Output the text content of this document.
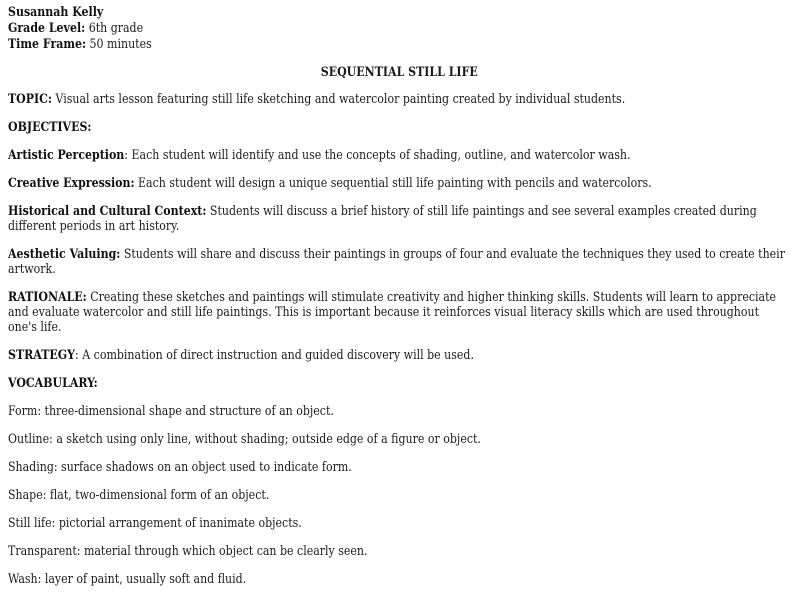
Susannah Kelly
Grade Level: 6th grade
Time Frame: 50 minutes
SEQUENTIAL STILL LIFE

TOPIC: Visual arts lesson featuring still life sketching and watercolor painting created by individual students.

OBJECTIVES:

Artistic Perception: Each student will identify and use the concepts of shading, outline, and watercolor wash.

Creative Expression: Each student will design a unique sequential still life painting with pencils and watercolors.

Historical and Cultural Context: Students will discuss a brief history of still life paintings and see several examples created during different periods in art history.

Aesthetic Valuing: Students will share and discuss their paintings in groups of four and evaluate the techniques they used to create their artwork.

RATIONALE: Creating these sketches and paintings will stimulate creativity and higher thinking skills. Students will learn to appreciate and evaluate watercolor and still life paintings. This is important because it reinforces visual literacy skills which are used throughout one's life.

STRATEGY: A combination of direct instruction and guided discovery will be used.

VOCABULARY:

Form: three-dimensional shape and structure of an object.

Outline: a sketch using only line, without shading; outside edge of a figure or object.

Shading: surface shadows on an object used to indicate form.

Shape: flat, two-dimensional form of an object.

Still life: pictorial arrangement of inanimate objects.

Transparent: material through which object can be clearly seen.

Wash: layer of paint, usually soft and fluid.
